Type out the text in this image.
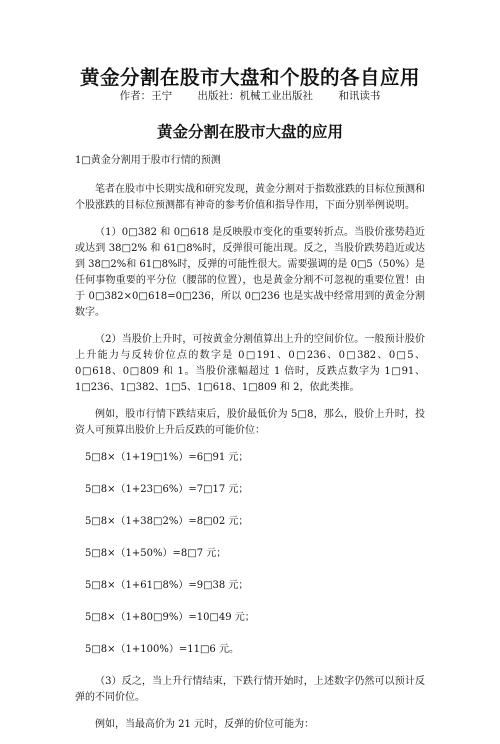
黄金分割在股市大盘和个股的各自应用
作者：王宁 出版社：机械工业出版社 和讯读书
黄金分割在股市大盘的应用
1□黄金分割用于股市行情的预测

笔者在股市中长期实战和研究发现，黄金分割对于指数涨跌的目标位预测和个股涨跌的目标位预测都有神奇的参考价值和指导作用，下面分别举例说明。

（1）0□382 和 0□618 是反映股市变化的重要转折点。当股价涨势趋近或达到 38□2% 和 61□8%时，反弹很可能出现。反之，当股价跌势趋近或达到 38□2%和 61□8%时，反弹的可能性很大。需要强调的是 0□5（50%）是任何事物重要的平分位（腰部的位置），也是黄金分割不可忽视的重要位置！由于 0□382×0□618=0□236，所以 0□236 也是实战中经常用到的黄金分割数字。

（2）当股价上升时，可按黄金分割值算出上升的空间价位。一般预计股价上升能力与反转价位点的数字是 0□191、0□236、0□382、0□5、0□618、0□809 和 1。当股价涨幅超过 1 倍时，反跌点数字为 1□91、1□236、1□382、1□5、1□618、1□809 和 2，依此类推。

例如，股市行情下跌结束后，股价最低价为 5□8，那么，股价上升时，投资人可预算出股价上升后反跌的可能价位：

5□8×（1+19□1%）=6□91 元；

5□8×（1+23□6%）=7□17 元；

5□8×（1+38□2%）=8□02 元；

5□8×（1+50%）=8□7 元；

5□8×（1+61□8%）=9□38 元；

5□8×（1+80□9%）=10□49 元；

5□8×（1+100%）=11□6 元。

（3）反之，当上升行情结束，下跌行情开始时，上述数字仍然可以预计反弹的不同价位。

例如，当最高价为 21 元时，反弹的价位可能为：
